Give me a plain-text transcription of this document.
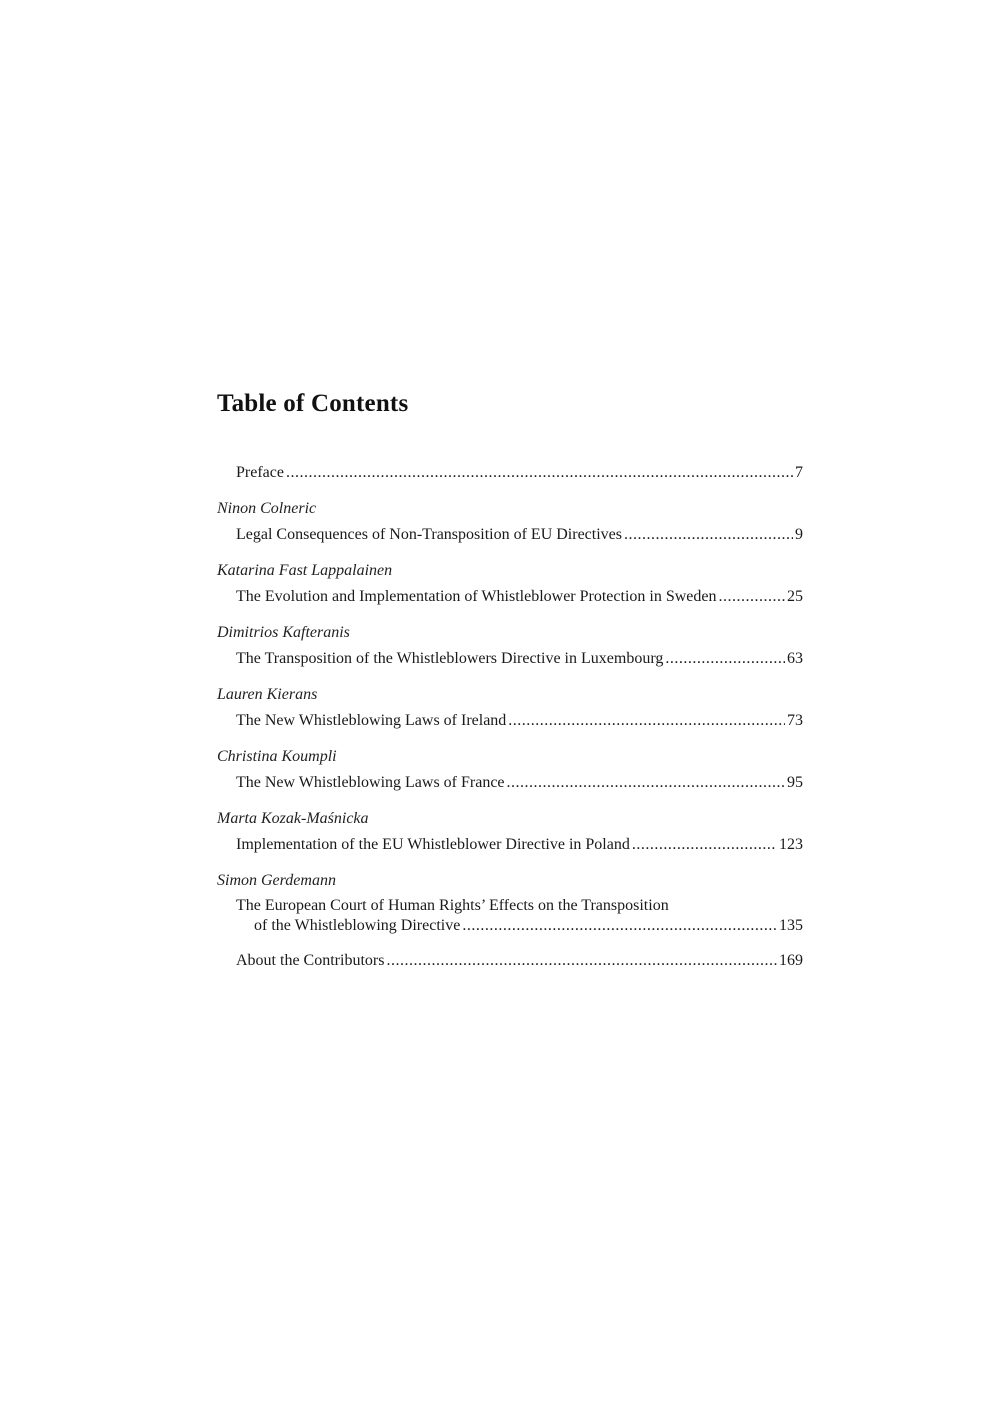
Table of Contents
Preface .....	7
Ninon Colneric
Legal Consequences of Non-Transposition of EU Directives .....	9
Katarina Fast Lappalainen
The Evolution and Implementation of Whistleblower Protection in Sweden .....	25
Dimitrios Kafteranis
The Transposition of the Whistleblowers Directive in Luxembourg .....	63
Lauren Kierans
The New Whistleblowing Laws of Ireland .....	73
Christina Koumpli
The New Whistleblowing Laws of France .....	95
Marta Kozak-Maśnicka
Implementation of the EU Whistleblower Directive in Poland .....	123
Simon Gerdemann
The European Court of Human Rights’ Effects on the Transposition
of the Whistleblowing Directive .....	135
About the Contributors .....	169
